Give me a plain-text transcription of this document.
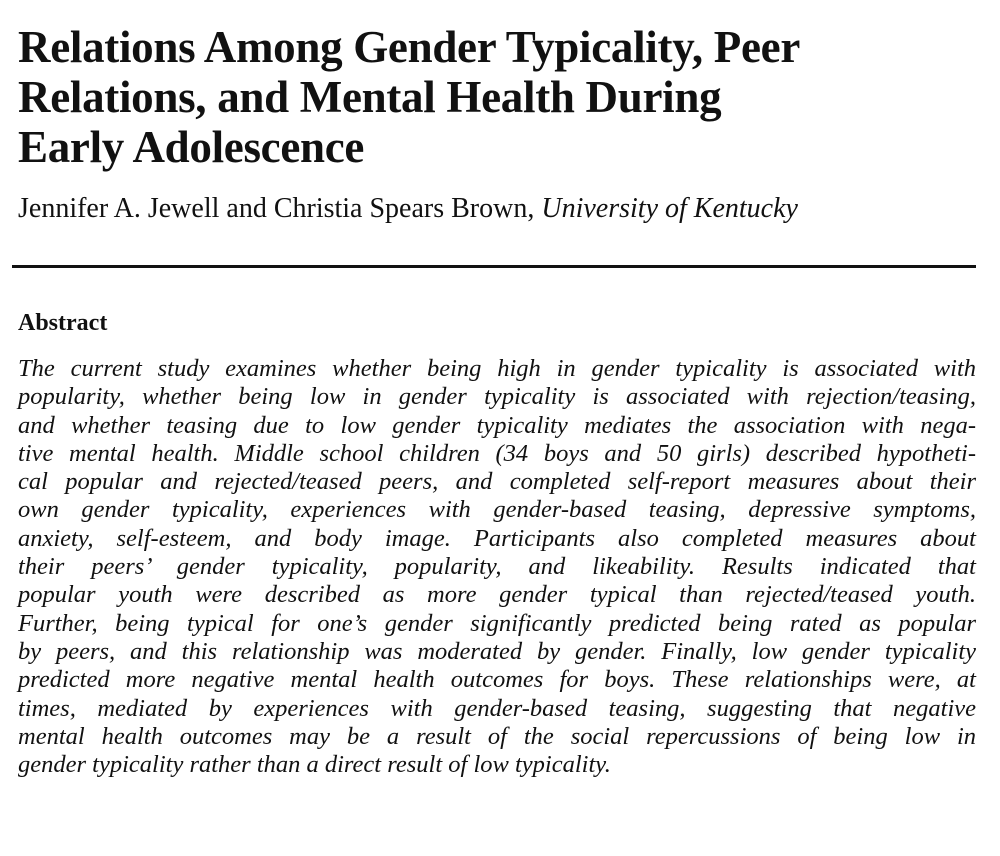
Relations Among Gender Typicality, Peer
Relations, and Mental Health During
Early Adolescence
Jennifer A. Jewell and Christia Spears Brown, University of Kentucky
Abstract
The current study examines whether being high in gender typicality is associated with
popularity, whether being low in gender typicality is associated with rejection/teasing,
and whether teasing due to low gender typicality mediates the association with nega-
tive mental health. Middle school children (34 boys and 50 girls) described hypotheti-
cal popular and rejected/teased peers, and completed self-report measures about their
own gender typicality, experiences with gender-based teasing, depressive symptoms,
anxiety, self-esteem, and body image. Participants also completed measures about
their peers’ gender typicality, popularity, and likeability. Results indicated that
popular youth were described as more gender typical than rejected/teased youth.
Further, being typical for one’s gender significantly predicted being rated as popular
by peers, and this relationship was moderated by gender. Finally, low gender typicality
predicted more negative mental health outcomes for boys. These relationships were, at
times, mediated by experiences with gender-based teasing, suggesting that negative
mental health outcomes may be a result of the social repercussions of being low in
gender typicality rather than a direct result of low typicality.
